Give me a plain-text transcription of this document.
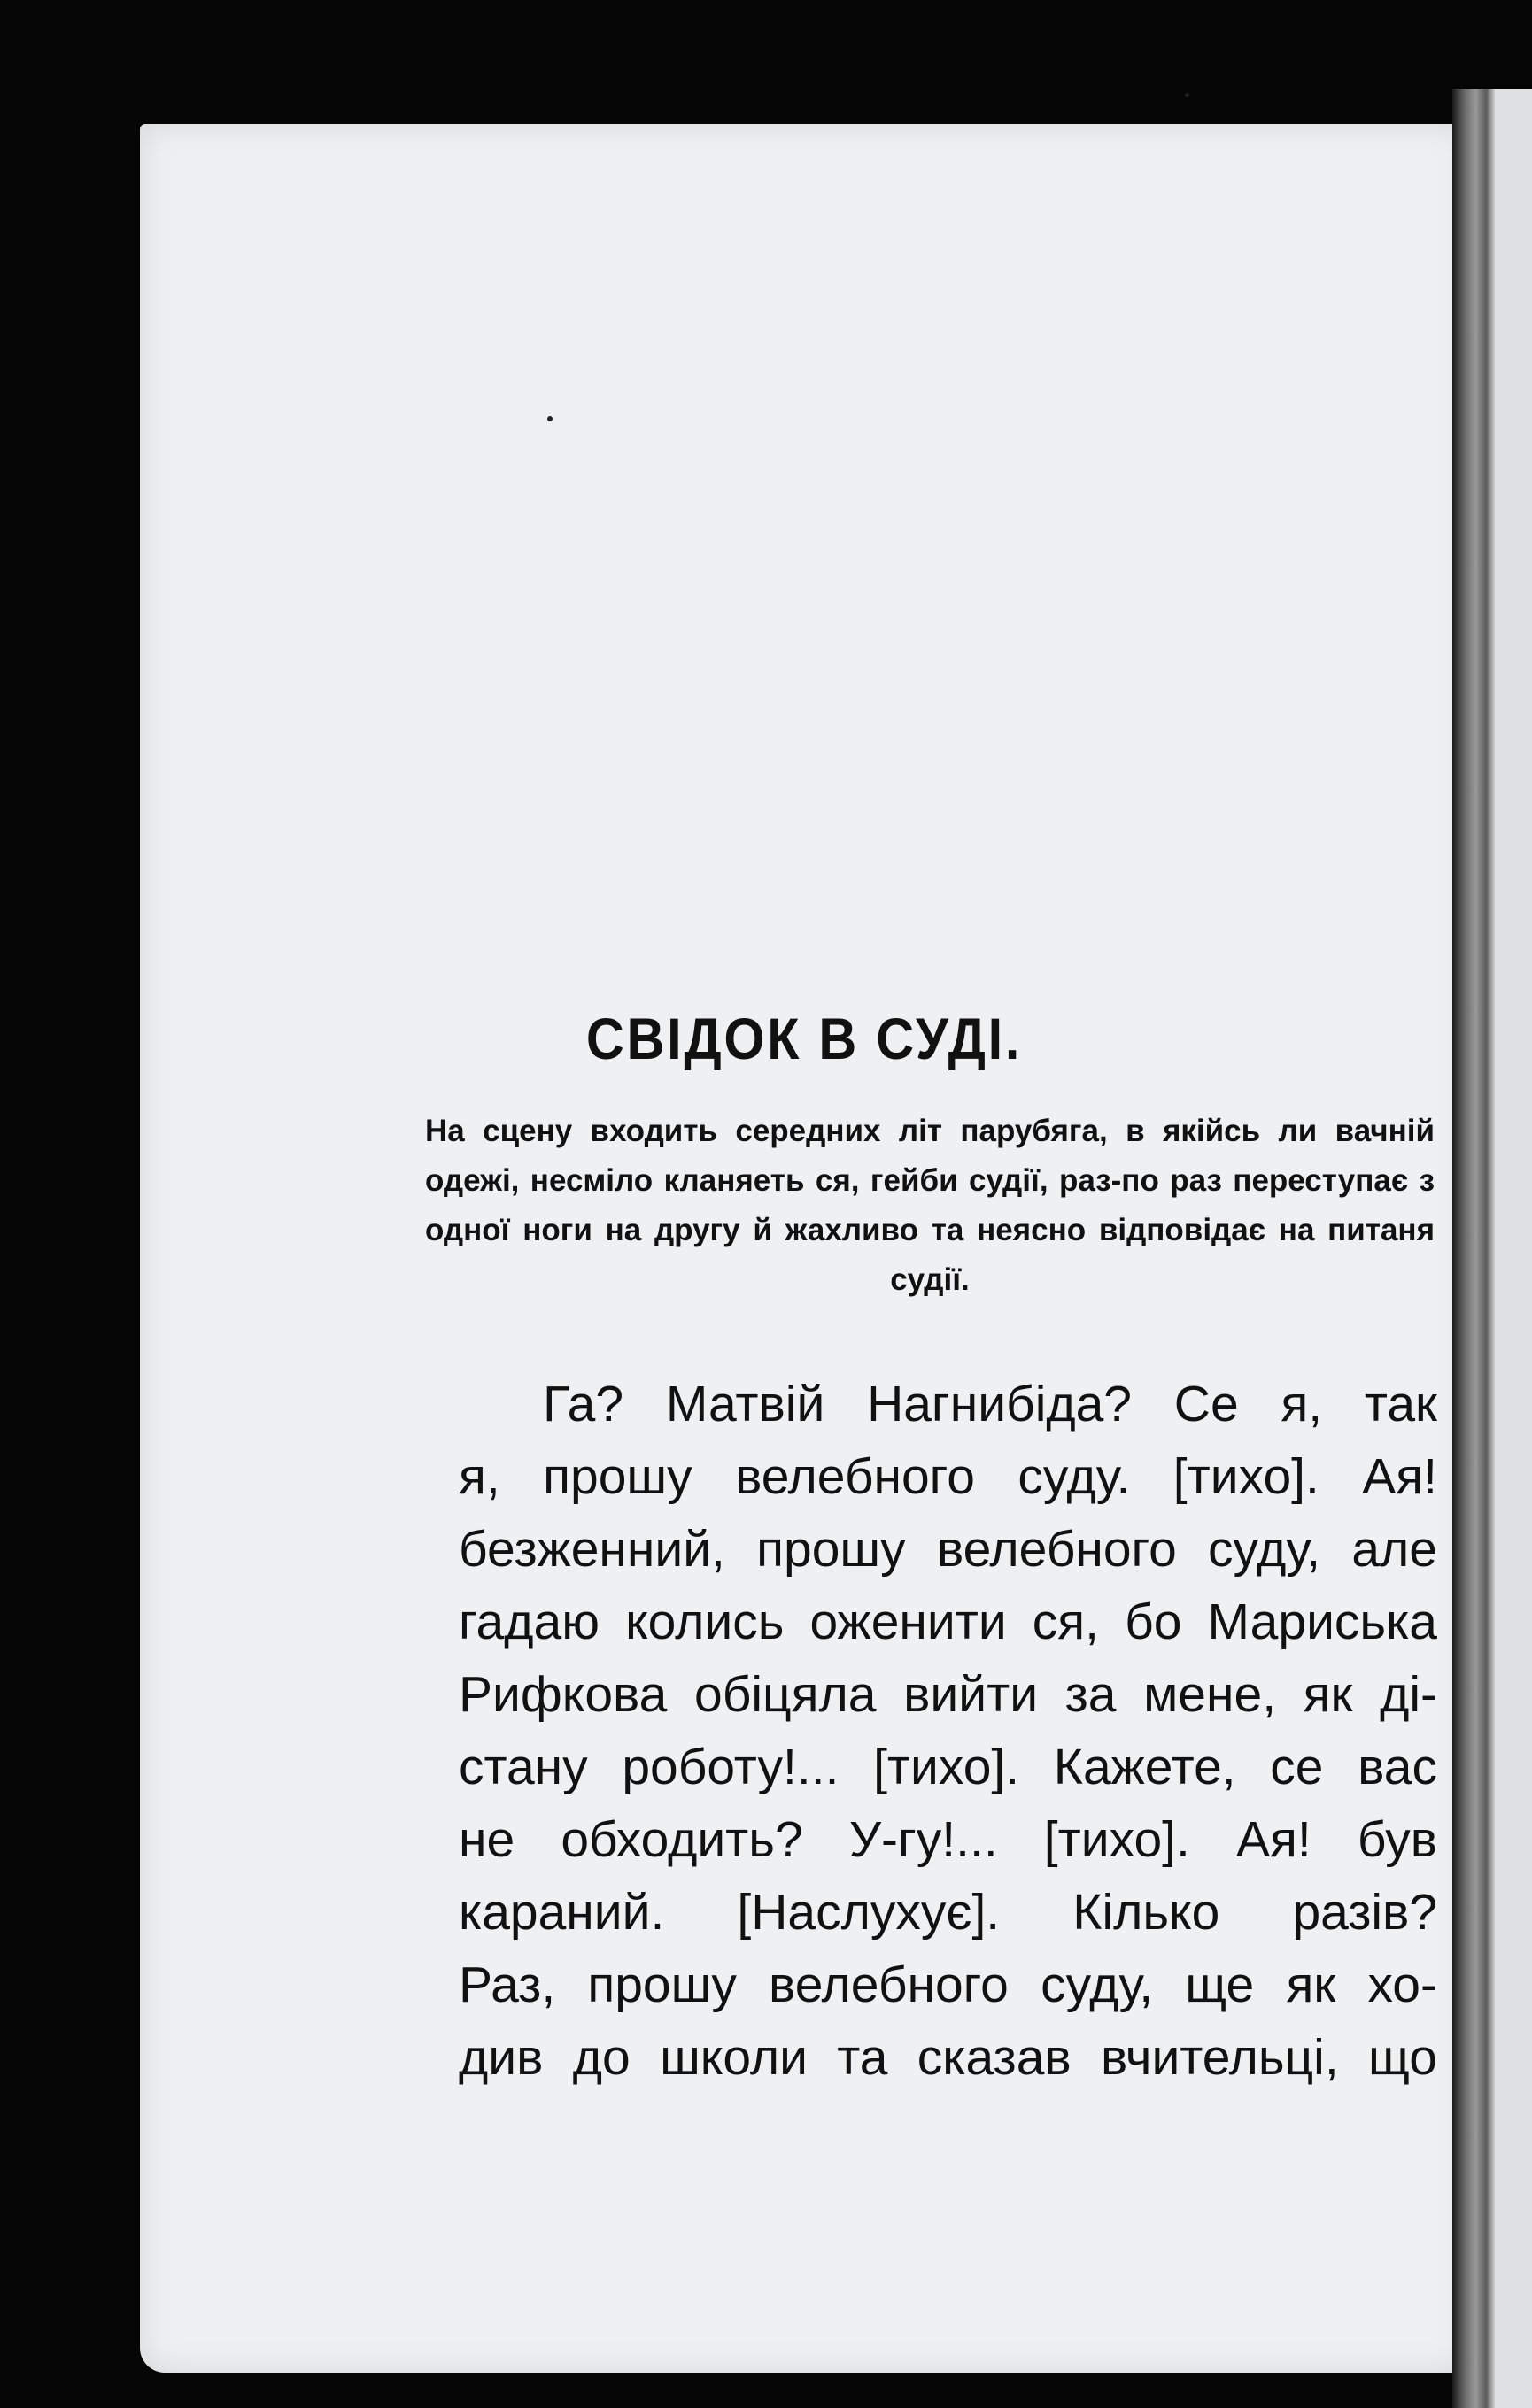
СВІДОК В СУДІ.
На сцену входить середних літ парубяга, в якійсь ли вачній одежі, несміло кланяеть ся, гейби судії, раз-по раз переступає з одної ноги на другу й жахливо та неясно відповідає на питаня судії.
Га? Матвій Нагнибіда? Се я, так
я, прошу велебного суду. [тихо]. Ая!
безженний, прошу велебного суду, але
гадаю колись оженити ся, бо Мариська
Рифкова обіцяла вийти за мене, як ді-
стану роботу!... [тихо]. Кажете, се вас
не обходить? У-гу!... [тихо]. Ая! був
караний. [Наслухує]. Кілько разів?
Раз, прошу велебного суду, ще як хо-
див до школи та сказав вчительці, що
